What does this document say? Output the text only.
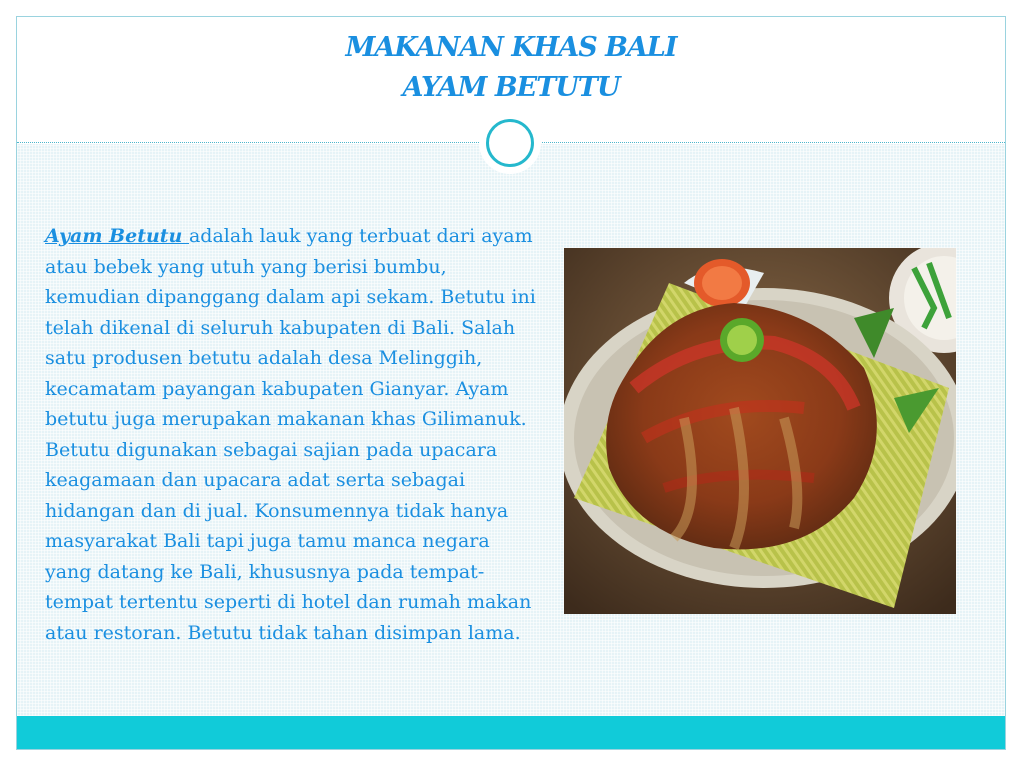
MAKANAN KHAS BALI
AYAM BETUTU

Ayam Betutu adalah lauk yang terbuat dari ayam atau bebek yang utuh yang berisi bumbu, kemudian dipanggang dalam api sekam. Betutu ini telah dikenal di seluruh kabupaten di Bali. Salah satu produsen betutu adalah desa Melinggih, kecamatam payangan kabupaten Gianyar. Ayam betutu juga merupakan makanan khas Gilimanuk. Betutu digunakan sebagai sajian pada upacara keagamaan dan upacara adat serta sebagai hidangan dan di jual. Konsumennya tidak hanya masyarakat Bali tapi juga tamu manca negara yang datang ke Bali, khususnya pada tempat-tempat tertentu seperti di hotel dan rumah makan atau restoran. Betutu tidak tahan disimpan lama.
